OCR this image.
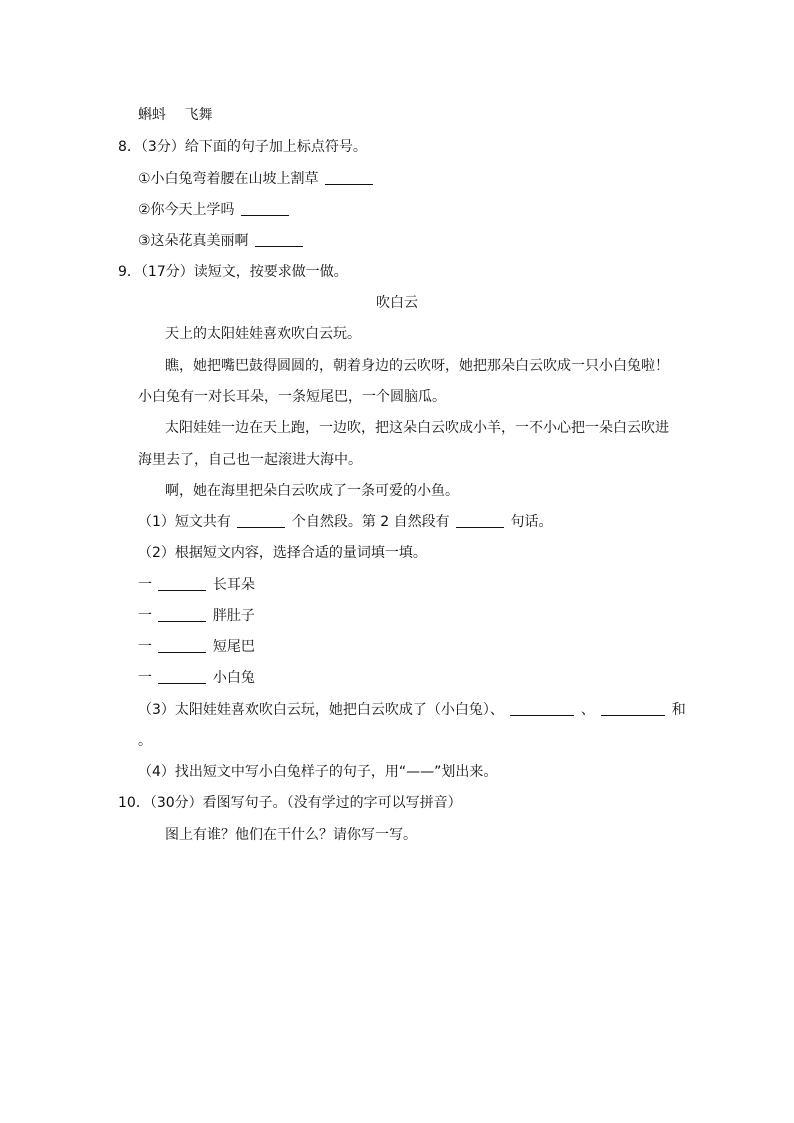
蝌蚪　 飞舞
8．（3分）给下面的句子加上标点符号。
①小白兔弯着腰在山坡上割草
②你今天上学吗
③这朵花真美丽啊
9．（17分）读短文，按要求做一做。
吹白云
天上的太阳娃娃喜欢吹白云玩。
瞧，她把嘴巴鼓得圆圆的，朝着身边的云吹呀，她把那朵白云吹成一只小白兔啦！
小白兔有一对长耳朵，一条短尾巴，一个圆脑瓜。
太阳娃娃一边在天上跑，一边吹，把这朵白云吹成小羊，一不小心把一朵白云吹进
海里去了，自己也一起滚进大海中。
啊，她在海里把朵白云吹成了一条可爱的小鱼。
（1）短文共有	个自然段。第 2 自然段有	句话。
（2）根据短文内容，选择合适的量词填一填。
一	长耳朵
一	胖肚子
一	短尾巴
一	小白兔
（3）太阳娃娃喜欢吹白云玩，她把白云吹成了（小白兔）、	、	和
。
（4）找出短文中写小白兔样子的句子，用“——”划出来。
10．（30分）看图写句子。（没有学过的字可以写拼音）
图上有谁？他们在干什么？请你写一写。
